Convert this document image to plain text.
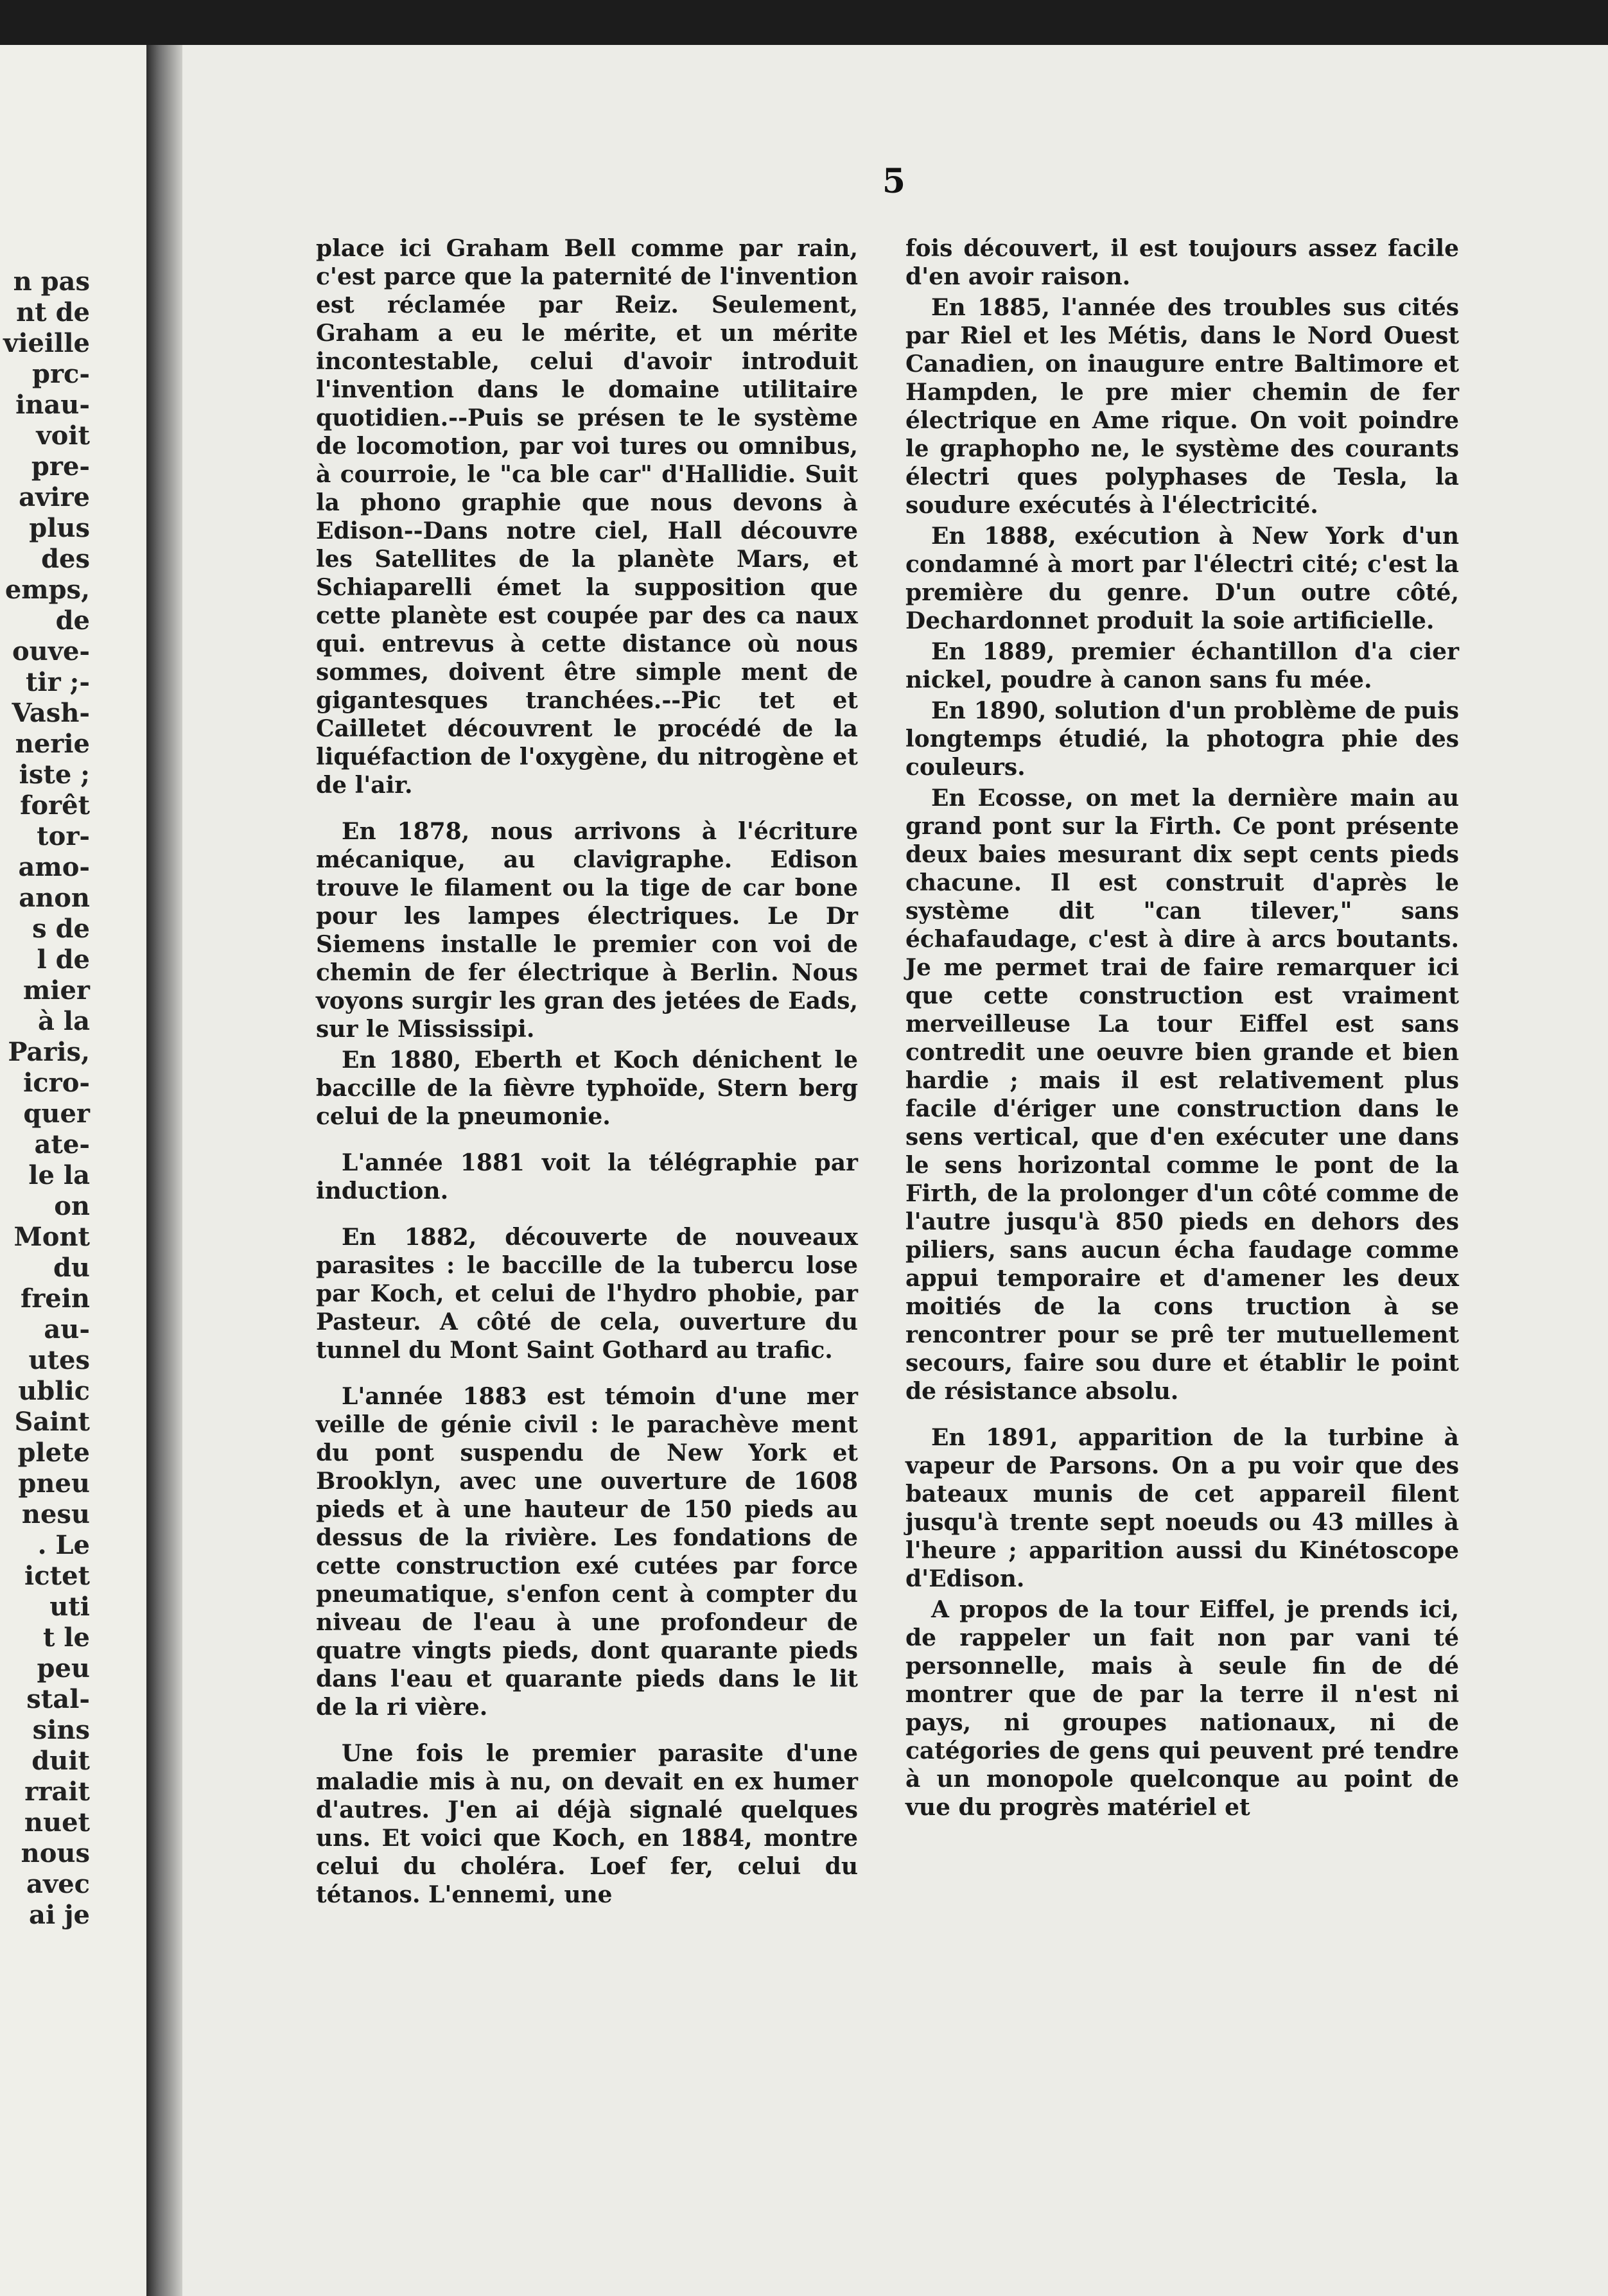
n pas
nt de
vieille
prc-
inau-
voit
pre-
avire
plus
des
emps,
de
ouve-
tir ;-
Vash-
nerie
iste ;
forêt
tor-
amo-
anon
s de
l de
mier
à la
Paris,
icro-
quer
ate-
le la
on
Mont
du
frein
au-
utes
ublic
Saint
plete
pneu
nesu
. Le
ictet
uti
t le
peu
stal-
sins
duit
rrait
nuet
nous
avec
ai je
5

place ici Graham Bell comme par rain, c'est parce que la paternité de l'invention est réclamée par Reiz. Seulement, Graham a eu le mérite, et un mérite incontestable, celui d'avoir introduit l'invention dans le domaine utilitaire quotidien.--Puis se présen te le système de locomotion, par voi tures ou omnibus, à courroie, le "ca ble car" d'Hallidie. Suit la phono graphie que nous devons à Edison--Dans notre ciel, Hall découvre les Satellites de la planète Mars, et Schiaparelli émet la supposition que cette planète est coupée par des ca naux qui. entrevus à cette distance où nous sommes, doivent être simple ment de gigantesques tranchées.--Pic tet et Cailletet découvrent le procédé de la liquéfaction de l'oxygène, du nitrogène et de l'air.

En 1878, nous arrivons à l'écriture mécanique, au clavigraphe. Edison trouve le filament ou la tige de car bone pour les lampes électriques. Le Dr Siemens installe le premier con voi de chemin de fer électrique à Berlin. Nous voyons surgir les gran des jetées de Eads, sur le Mississipi.

En 1880, Eberth et Koch dénichent le baccille de la fièvre typhoïde, Stern berg celui de la pneumonie.

L'année 1881 voit la télégraphie par induction.

En 1882, découverte de nouveaux parasites : le baccille de la tubercu lose par Koch, et celui de l'hydro phobie, par Pasteur. A côté de cela, ouverture du tunnel du Mont Saint Gothard au trafic.

L'année 1883 est témoin d'une mer veille de génie civil : le parachève ment du pont suspendu de New York et Brooklyn, avec une ouverture de 1608 pieds et à une hauteur de 150 pieds au dessus de la rivière. Les fondations de cette construction exé cutées par force pneumatique, s'enfon cent à compter du niveau de l'eau à une profondeur de quatre vingts pieds, dont quarante pieds dans l'eau et quarante pieds dans le lit de la ri vière.

Une fois le premier parasite d'une maladie mis à nu, on devait en ex humer d'autres. J'en ai déjà signalé quelques uns. Et voici que Koch, en 1884, montre celui du choléra. Loef fer, celui du tétanos. L'ennemi, une

fois découvert, il est toujours assez facile d'en avoir raison.

En 1885, l'année des troubles sus cités par Riel et les Métis, dans le Nord Ouest Canadien, on inaugure entre Baltimore et Hampden, le pre mier chemin de fer électrique en Ame rique. On voit poindre le graphopho ne, le système des courants électri ques polyphases de Tesla, la soudure exécutés à l'électricité.

En 1888, exécution à New York d'un condamné à mort par l'électri cité; c'est la première du genre. D'un outre côté, Dechardonnet produit la soie artificielle.

En 1889, premier échantillon d'a cier nickel, poudre à canon sans fu mée.

En 1890, solution d'un problème de puis longtemps étudié, la photogra phie des couleurs.

En Ecosse, on met la dernière main au grand pont sur la Firth. Ce pont présente deux baies mesurant dix sept cents pieds chacune. Il est construit d'après le système dit "can tilever," sans échafaudage, c'est à dire à arcs boutants. Je me permet trai de faire remarquer ici que cette construction est vraiment merveilleuse La tour Eiffel est sans contredit une oeuvre bien grande et bien hardie ; mais il est relativement plus facile d'ériger une construction dans le sens vertical, que d'en exécuter une dans le sens horizontal comme le pont de la Firth, de la prolonger d'un côté comme de l'autre jusqu'à 850 pieds en dehors des piliers, sans aucun écha faudage comme appui temporaire et d'amener les deux moitiés de la cons truction à se rencontrer pour se prê ter mutuellement secours, faire sou dure et établir le point de résistance absolu.

En 1891, apparition de la turbine à vapeur de Parsons. On a pu voir que des bateaux munis de cet appareil filent jusqu'à trente sept noeuds ou 43 milles à l'heure ; apparition aussi du Kinétoscope d'Edison.

A propos de la tour Eiffel, je prends ici, de rappeler un fait non par vani té personnelle, mais à seule fin de dé montrer que de par la terre il n'est ni pays, ni groupes nationaux, ni de catégories de gens qui peuvent pré tendre à un monopole quelconque au point de vue du progrès matériel et
